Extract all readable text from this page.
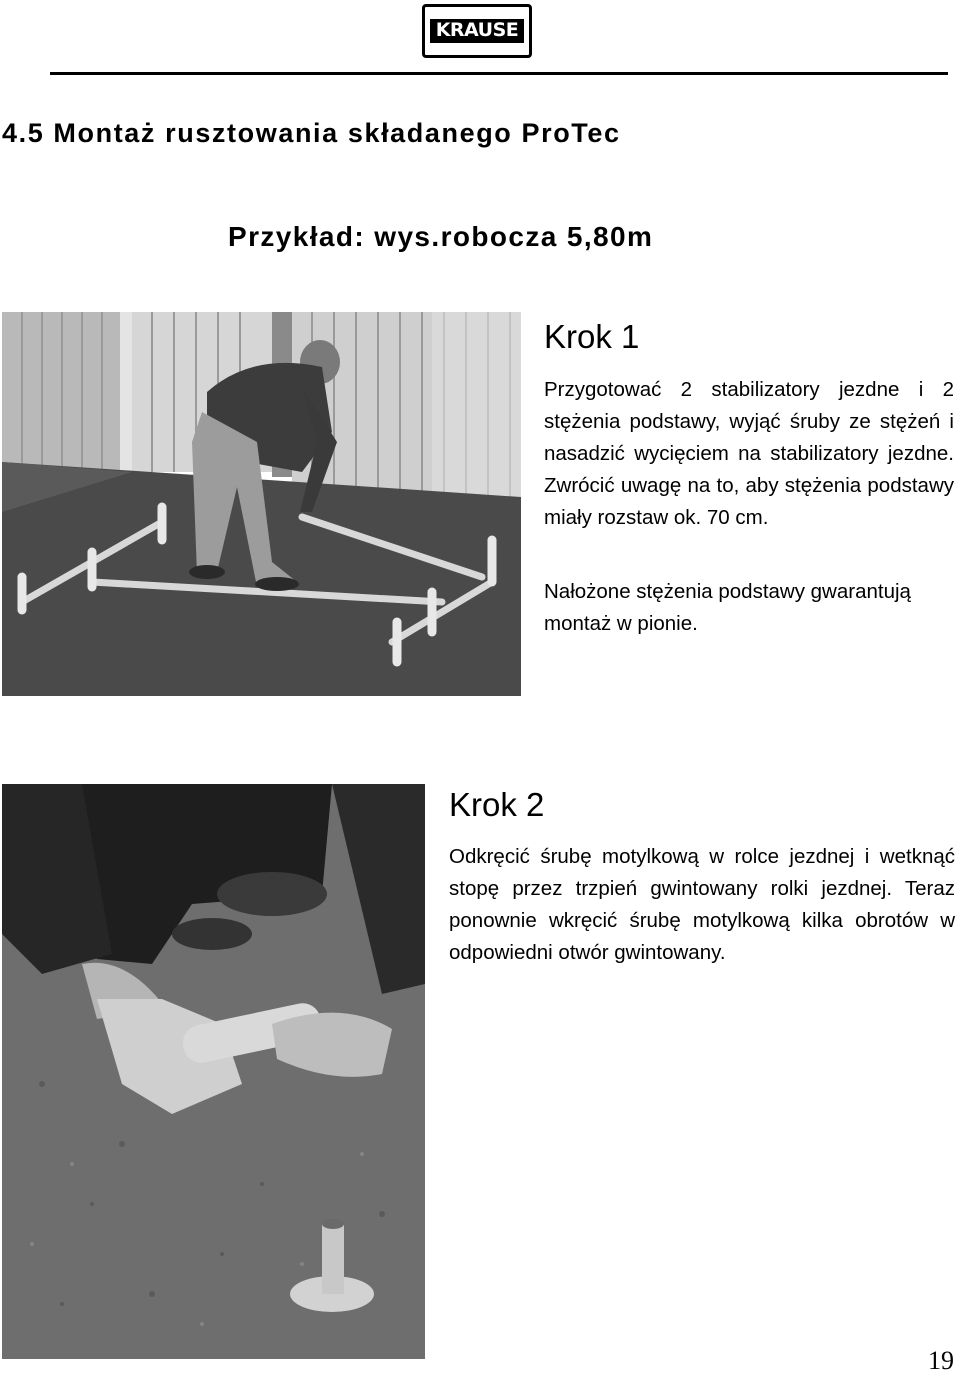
KRAUSE
4.5 Montaż rusztowania składanego ProTec
Przykład: wys.robocza 5,80m
Krok 1

Przygotować 2 stabilizatory jezdne i 2 stężenia podstawy, wyjąć śruby ze stężeń i nasadzić wycięciem na stabilizatory jezdne. Zwrócić uwagę na to, aby stężenia podstawy miały rozstaw ok. 70 cm.

Nałożone stężenia podstawy gwarantują montaż w pionie.

Krok 2

Odkręcić śrubę motylkową w rolce jezdnej i wetknąć stopę przez trzpień gwintowany rolki jezdnej. Teraz ponownie wkręcić śrubę motylkową kilka obrotów w odpowiedni otwór gwintowany.

19
